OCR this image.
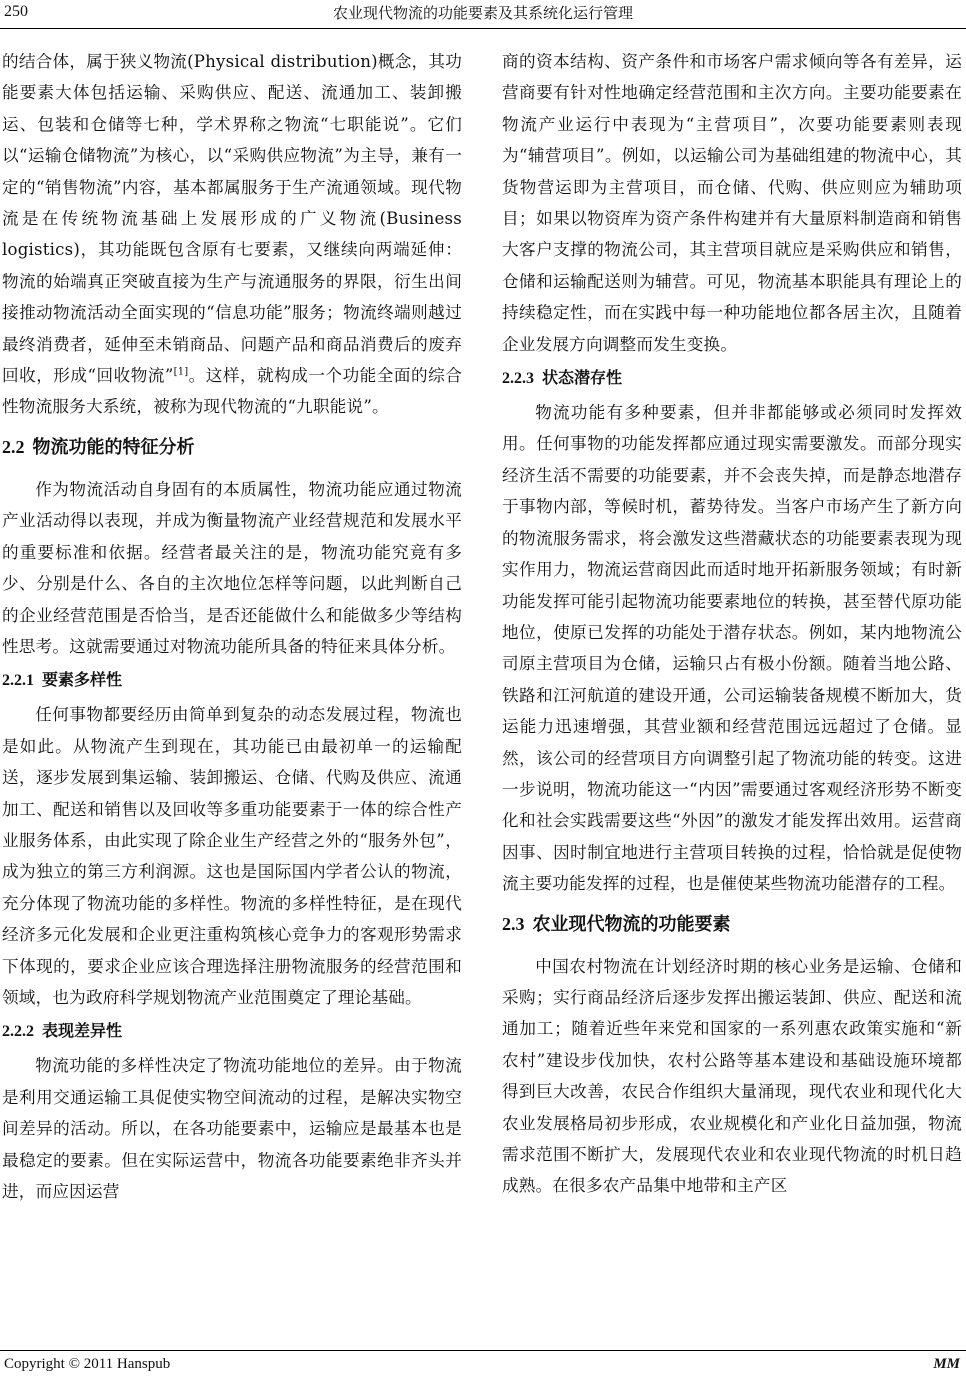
250	农业现代物流的功能要素及其系统化运行管理

的结合体，属于狭义物流(Physical distribution)概念，其功能要素大体包括运输、采购供应、配送、流通加工、装卸搬运、包装和仓储等七种，学术界称之物流“七职能说”。它们以“运输仓储物流”为核心，以“采购供应物流”为主导，兼有一定的“销售物流”内容，基本都属服务于生产流通领域。现代物流是在传统物流基础上发展形成的广义物流(Business logistics)，其功能既包含原有七要素，又继续向两端延伸：物流的始端真正突破直接为生产与流通服务的界限，衍生出间接推动物流活动全面实现的“信息功能”服务；物流终端则越过最终消费者，延伸至未销商品、问题产品和商品消费后的废弃回收，形成“回收物流”[1]。这样，就构成一个功能全面的综合性物流服务大系统，被称为现代物流的“九职能说”。

2.2 物流功能的特征分析

作为物流活动自身固有的本质属性，物流功能应通过物流产业活动得以表现，并成为衡量物流产业经营规范和发展水平的重要标准和依据。经营者最关注的是，物流功能究竟有多少、分别是什么、各自的主次地位怎样等问题，以此判断自己的企业经营范围是否恰当，是否还能做什么和能做多少等结构性思考。这就需要通过对物流功能所具备的特征来具体分析。

2.2.1 要素多样性

任何事物都要经历由简单到复杂的动态发展过程，物流也是如此。从物流产生到现在，其功能已由最初单一的运输配送，逐步发展到集运输、装卸搬运、仓储、代购及供应、流通加工、配送和销售以及回收等多重功能要素于一体的综合性产业服务体系，由此实现了除企业生产经营之外的“服务外包”，成为独立的第三方利润源。这也是国际国内学者公认的物流，充分体现了物流功能的多样性。物流的多样性特征，是在现代经济多元化发展和企业更注重构筑核心竞争力的客观形势需求下体现的，要求企业应该合理选择注册物流服务的经营范围和领域，也为政府科学规划物流产业范围奠定了理论基础。

2.2.2 表现差异性

物流功能的多样性决定了物流功能地位的差异。由于物流是利用交通运输工具促使实物空间流动的过程，是解决实物空间差异的活动。所以，在各功能要素中，运输应是最基本也是最稳定的要素。但在实际运营中，物流各功能要素绝非齐头并进，而应因运营

商的资本结构、资产条件和市场客户需求倾向等各有差异，运营商要有针对性地确定经营范围和主次方向。主要功能要素在物流产业运行中表现为“主营项目”，次要功能要素则表现为“辅营项目”。例如，以运输公司为基础组建的物流中心，其货物营运即为主营项目，而仓储、代购、供应则应为辅助项目；如果以物资库为资产条件构建并有大量原料制造商和销售大客户支撑的物流公司，其主营项目就应是采购供应和销售，仓储和运输配送则为辅营。可见，物流基本职能具有理论上的持续稳定性，而在实践中每一种功能地位都各居主次，且随着企业发展方向调整而发生变换。

2.2.3 状态潜存性

物流功能有多种要素，但并非都能够或必须同时发挥效用。任何事物的功能发挥都应通过现实需要激发。而部分现实经济生活不需要的功能要素，并不会丧失掉，而是静态地潜存于事物内部，等候时机，蓄势待发。当客户市场产生了新方向的物流服务需求，将会激发这些潜藏状态的功能要素表现为现实作用力，物流运营商因此而适时地开拓新服务领域；有时新功能发挥可能引起物流功能要素地位的转换，甚至替代原功能地位，使原已发挥的功能处于潜存状态。例如，某内地物流公司原主营项目为仓储，运输只占有极小份额。随着当地公路、铁路和江河航道的建设开通，公司运输装备规模不断加大，货运能力迅速增强，其营业额和经营范围远远超过了仓储。显然，该公司的经营项目方向调整引起了物流功能的转变。这进一步说明，物流功能这一“内因”需要通过客观经济形势不断变化和社会实践需要这些“外因”的激发才能发挥出效用。运营商因事、因时制宜地进行主营项目转换的过程，恰恰就是促使物流主要功能发挥的过程，也是催使某些物流功能潜存的工程。

2.3 农业现代物流的功能要素

中国农村物流在计划经济时期的核心业务是运输、仓储和采购；实行商品经济后逐步发挥出搬运装卸、供应、配送和流通加工；随着近些年来党和国家的一系列惠农政策实施和“新农村”建设步伐加快，农村公路等基本建设和基础设施环境都得到巨大改善，农民合作组织大量涌现，现代农业和现代化大农业发展格局初步形成，农业规模化和产业化日益加强，物流需求范围不断扩大，发展现代农业和农业现代物流的时机日趋成熟。在很多农产品集中地带和主产区

Copyright © 2011 Hanspub	MM
